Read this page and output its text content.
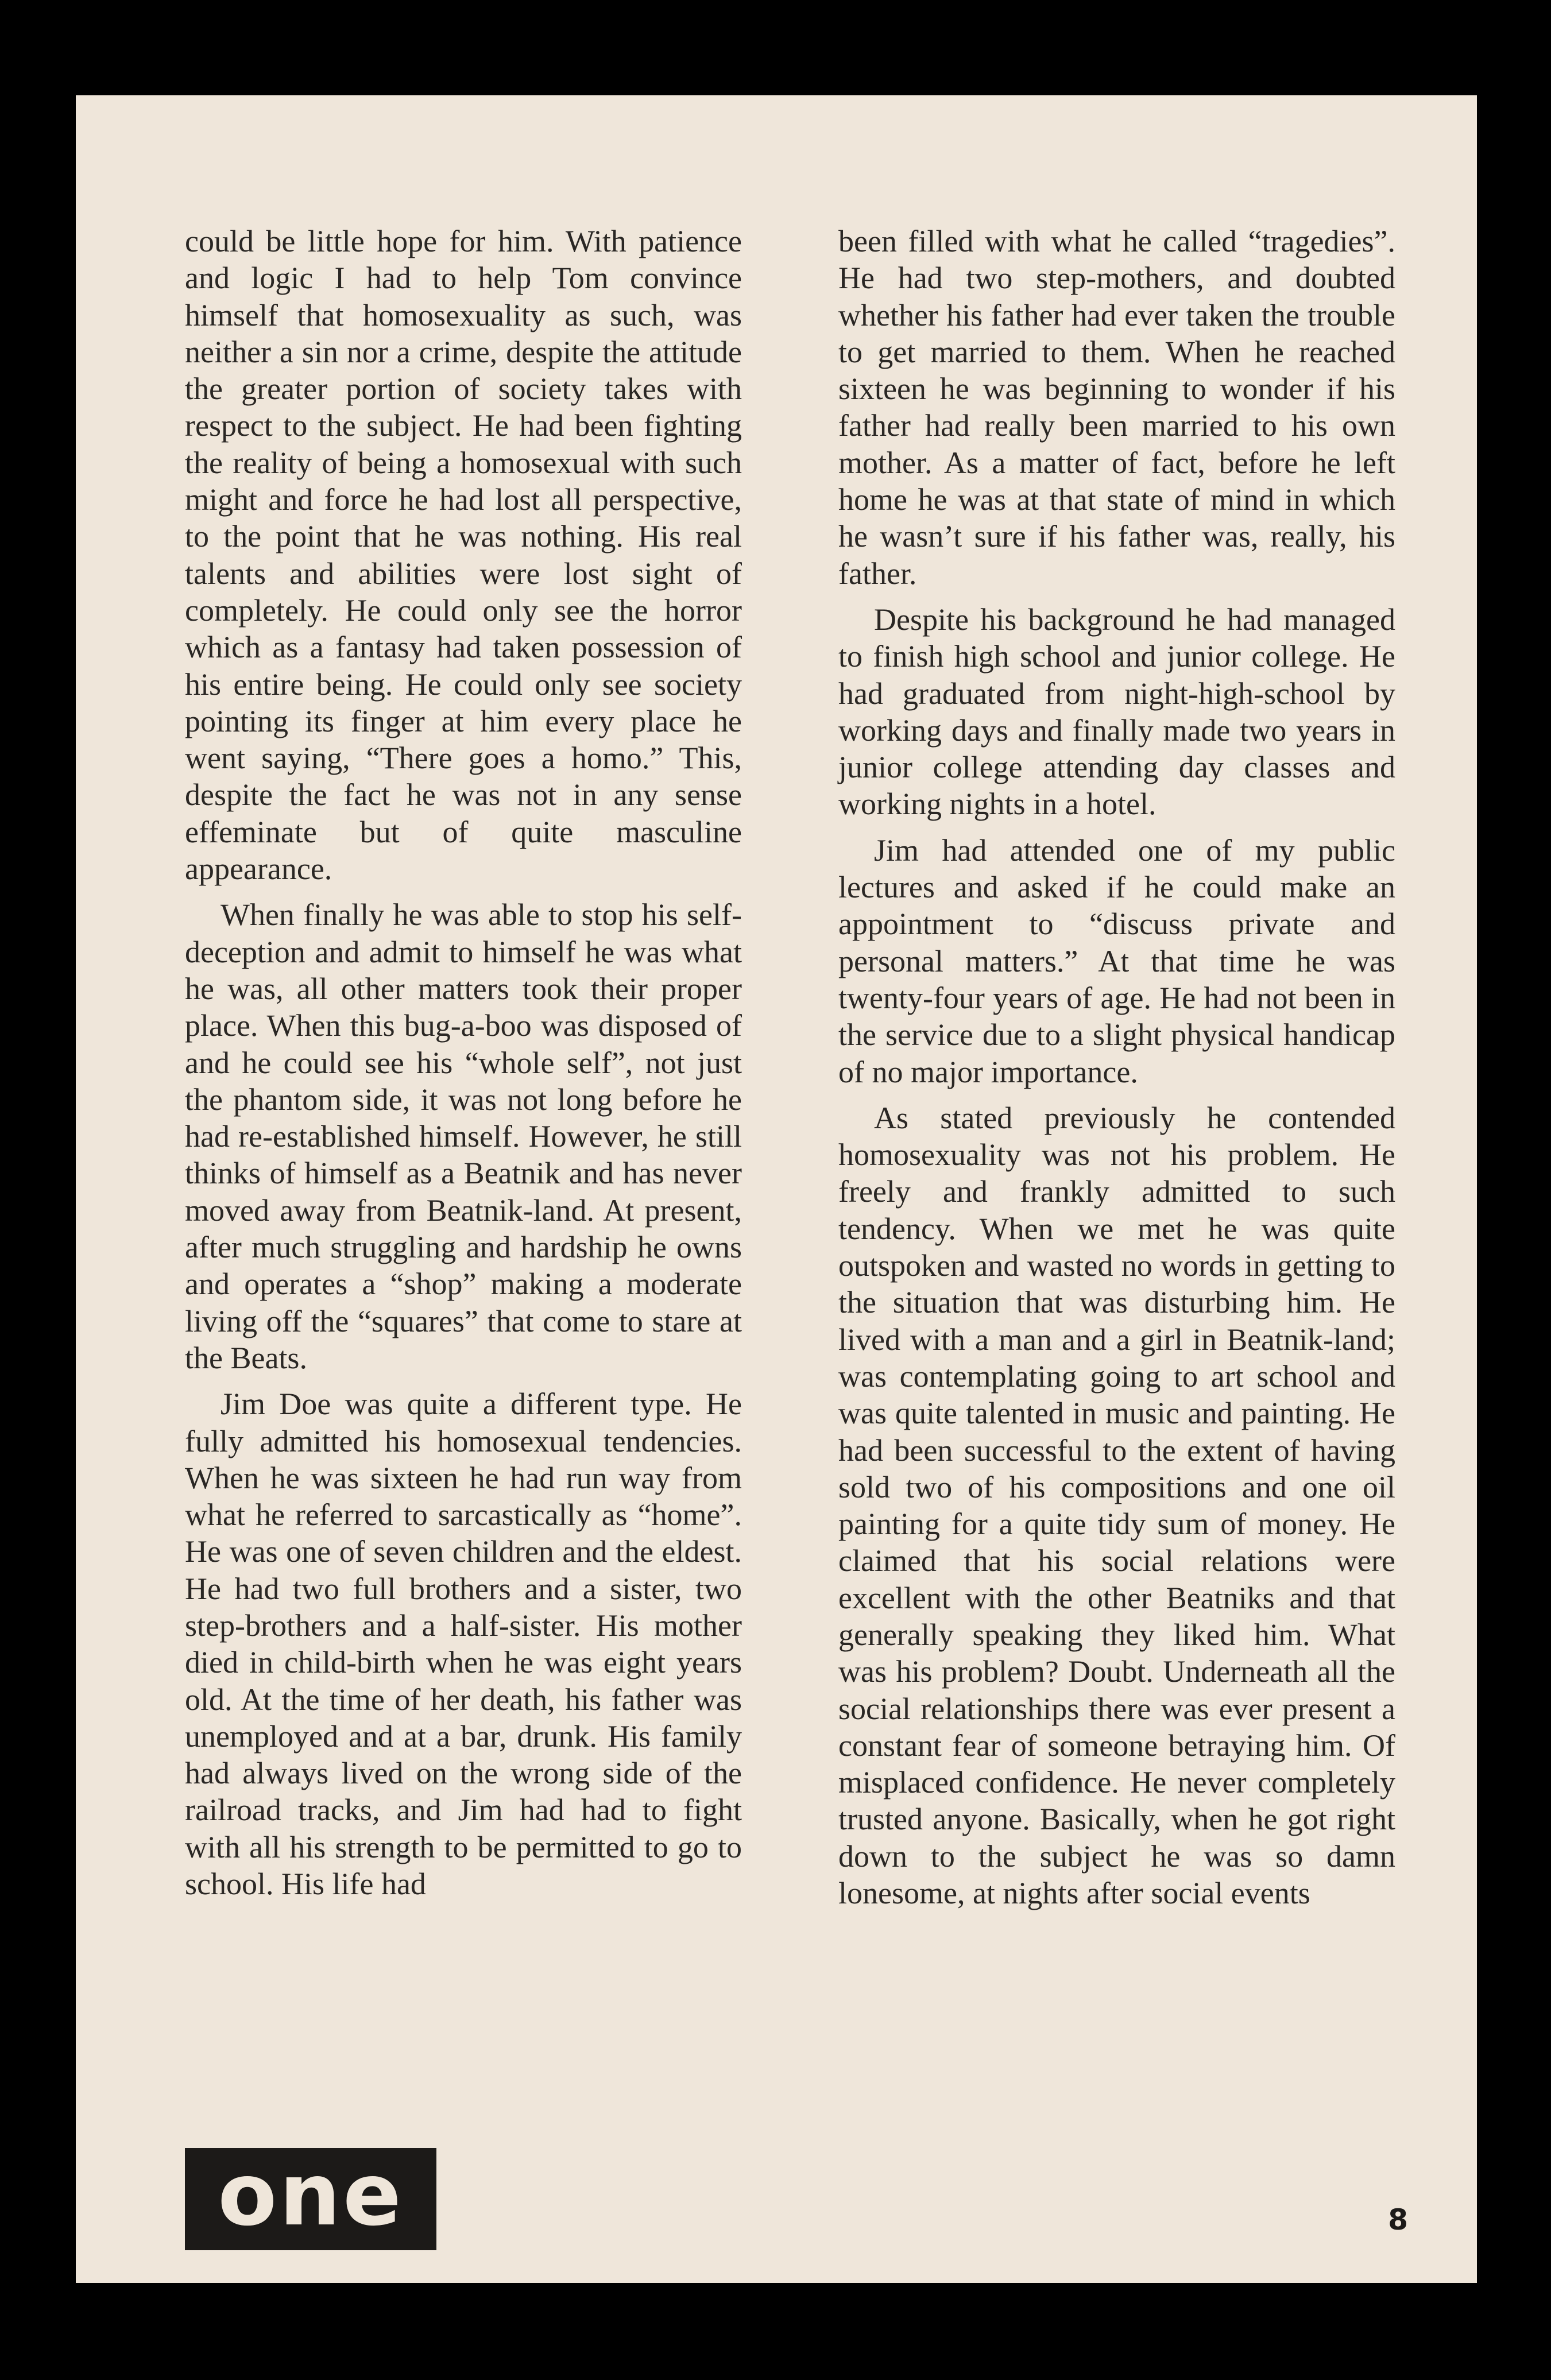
could be little hope for him. With patience and logic I had to help Tom convince himself that homosexuality as such, was neither a sin nor a crime, despite the attitude the greater portion of society takes with respect to the subject. He had been fighting the reality of being a homosexual with such might and force he had lost all perspective, to the point that he was nothing. His real talents and abilities were lost sight of completely. He could only see the horror which as a fantasy had taken possession of his entire being. He could only see society pointing its finger at him every place he went saying, “There goes a homo.” This, despite the fact he was not in any sense effeminate but of quite masculine appearance.

When finally he was able to stop his self-deception and admit to himself he was what he was, all other matters took their proper place. When this bug-a-boo was disposed of and he could see his “whole self”, not just the phantom side, it was not long before he had re-established himself. However, he still thinks of himself as a Beatnik and has never moved away from Beatnik-land. At present, after much struggling and hardship he owns and operates a “shop” making a moderate living off the “squares” that come to stare at the Beats.

Jim Doe was quite a different type. He fully admitted his homosexual tendencies. When he was sixteen he had run way from what he referred to sarcastically as “home”. He was one of seven children and the eldest. He had two full brothers and a sister, two step-brothers and a half-sister. His mother died in child-birth when he was eight years old. At the time of her death, his father was unemployed and at a bar, drunk. His family had always lived on the wrong side of the railroad tracks, and Jim had had to fight with all his strength to be permitted to go to school. His life had

been filled with what he called “tragedies”. He had two step-mothers, and doubted whether his father had ever taken the trouble to get married to them. When he reached sixteen he was beginning to wonder if his father had really been married to his own mother. As a matter of fact, before he left home he was at that state of mind in which he wasn’t sure if his father was, really, his father.

Despite his background he had managed to finish high school and junior college. He had graduated from night-high-school by working days and finally made two years in junior college attending day classes and working nights in a hotel.

Jim had attended one of my public lectures and asked if he could make an appointment to “discuss private and personal matters.” At that time he was twenty-four years of age. He had not been in the service due to a slight physical handicap of no major importance.

As stated previously he contended homosexuality was not his problem. He freely and frankly admitted to such tendency. When we met he was quite outspoken and wasted no words in getting to the situation that was disturbing him. He lived with a man and a girl in Beatnik-land; was contemplating going to art school and was quite talented in music and painting. He had been successful to the extent of having sold two of his compositions and one oil painting for a quite tidy sum of money. He claimed that his social relations were excellent with the other Beatniks and that generally speaking they liked him. What was his problem? Doubt. Underneath all the social relationships there was ever present a constant fear of someone betraying him. Of misplaced confidence. He never completely trusted anyone. Basically, when he got right down to the subject he was so damn lonesome, at nights after social events

one	8
